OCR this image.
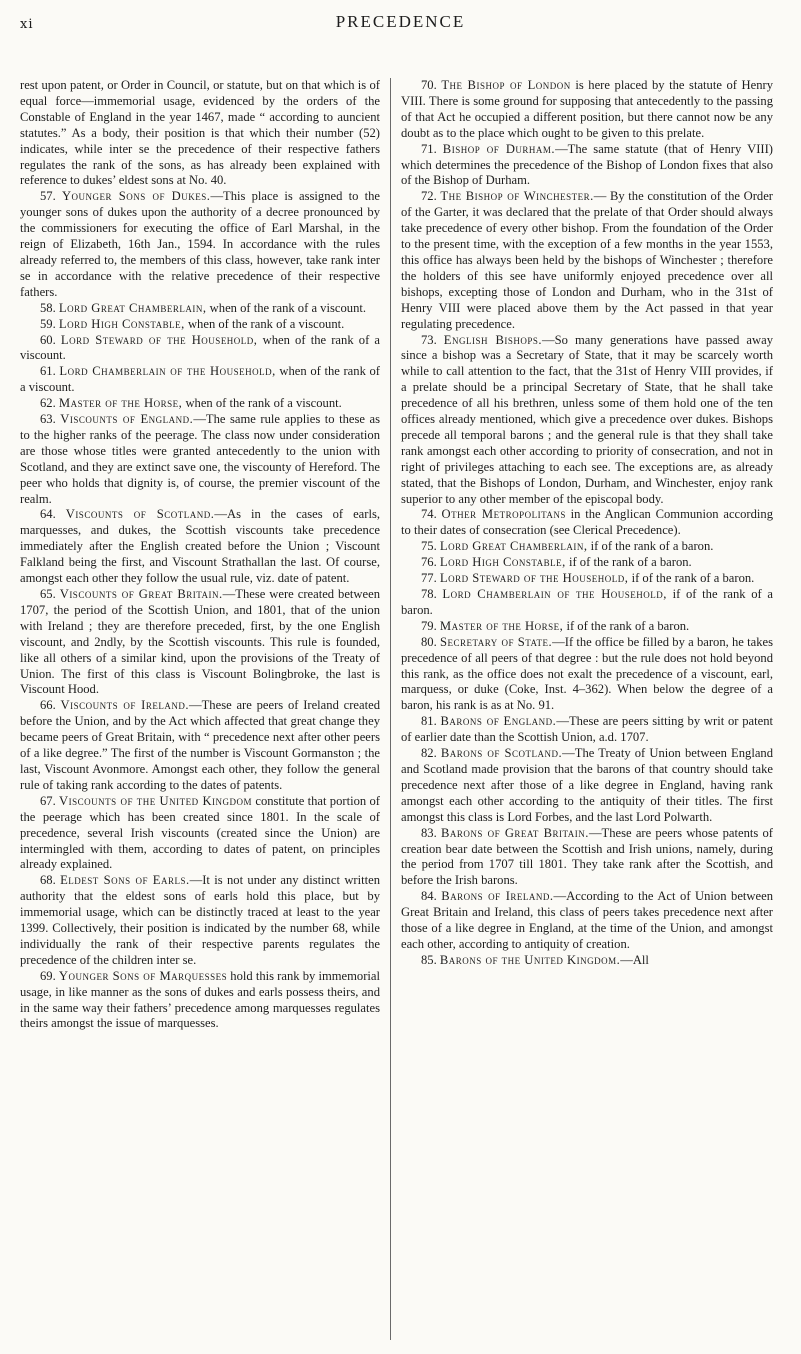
xi	PRECEDENCE

rest upon patent, or Order in Council, or statute, but on that which is of equal force—immemorial usage, evidenced by the orders of the Constable of England in the year 1467, made “ according to auncient statutes.” As a body, their position is that which their number (52) indicates, while inter se the precedence of their respective fathers regulates the rank of the sons, as has already been explained with reference to dukes’ eldest sons at No. 40.

57. Younger Sons of Dukes.—This place is assigned to the younger sons of dukes upon the authority of a decree pronounced by the commissioners for executing the office of Earl Marshal, in the reign of Elizabeth, 16th Jan., 1594. In accordance with the rules already referred to, the members of this class, however, take rank inter se in accordance with the relative precedence of their respective fathers.

58. Lord Great Chamberlain, when of the rank of a viscount.

59. Lord High Constable, when of the rank of a viscount.

60. Lord Steward of the Household, when of the rank of a viscount.

61. Lord Chamberlain of the Household, when of the rank of a viscount.

62. Master of the Horse, when of the rank of a viscount.

63. Viscounts of England.—The same rule applies to these as to the higher ranks of the peerage. The class now under consideration are those whose titles were granted antecedently to the union with Scotland, and they are extinct save one, the viscounty of Hereford. The peer who holds that dignity is, of course, the premier viscount of the realm.

64. Viscounts of Scotland.—As in the cases of earls, marquesses, and dukes, the Scottish viscounts take precedence immediately after the English created before the Union ; Viscount Falkland being the first, and Viscount Strathallan the last. Of course, amongst each other they follow the usual rule, viz. date of patent.

65. Viscounts of Great Britain.—These were created between 1707, the period of the Scottish Union, and 1801, that of the union with Ireland ; they are therefore preceded, first, by the one English viscount, and 2ndly, by the Scottish viscounts. This rule is founded, like all others of a similar kind, upon the provisions of the Treaty of Union. The first of this class is Viscount Bolingbroke, the last is Viscount Hood.

66. Viscounts of Ireland.—These are peers of Ireland created before the Union, and by the Act which affected that great change they became peers of Great Britain, with “ precedence next after other peers of a like degree.” The first of the number is Viscount Gormanston ; the last, Viscount Avonmore. Amongst each other, they follow the general rule of taking rank according to the dates of patents.

67. Viscounts of the United Kingdom constitute that portion of the peerage which has been created since 1801. In the scale of precedence, several Irish viscounts (created since the Union) are intermingled with them, according to dates of patent, on principles already explained.

68. Eldest Sons of Earls.—It is not under any distinct written authority that the eldest sons of earls hold this place, but by immemorial usage, which can be distinctly traced at least to the year 1399. Collectively, their position is indicated by the number 68, while individually the rank of their respective parents regulates the precedence of the children inter se.

69. Younger Sons of Marquesses hold this rank by immemorial usage, in like manner as the sons of dukes and earls possess theirs, and in the same way their fathers’ precedence among marquesses regulates theirs amongst the issue of marquesses.

70. The Bishop of London is here placed by the statute of Henry VIII. There is some ground for supposing that antecedently to the passing of that Act he occupied a different position, but there cannot now be any doubt as to the place which ought to be given to this prelate.

71. Bishop of Durham.—The same statute (that of Henry VIII) which determines the precedence of the Bishop of London fixes that also of the Bishop of Durham.

72. The Bishop of Winchester.— By the constitution of the Order of the Garter, it was declared that the prelate of that Order should always take precedence of every other bishop. From the foundation of the Order to the present time, with the exception of a few months in the year 1553, this office has always been held by the bishops of Winchester ; therefore the holders of this see have uniformly enjoyed precedence over all bishops, excepting those of London and Durham, who in the 31st of Henry VIII were placed above them by the Act passed in that year regulating precedence.

73. English Bishops.—So many generations have passed away since a bishop was a Secretary of State, that it may be scarcely worth while to call attention to the fact, that the 31st of Henry VIII provides, if a prelate should be a principal Secretary of State, that he shall take precedence of all his brethren, unless some of them hold one of the ten offices already mentioned, which give a precedence over dukes. Bishops precede all temporal barons ; and the general rule is that they shall take rank amongst each other according to priority of consecration, and not in right of privileges attaching to each see. The exceptions are, as already stated, that the Bishops of London, Durham, and Winchester, enjoy rank superior to any other member of the episcopal body.

74. Other Metropolitans in the Anglican Communion according to their dates of consecration (see Clerical Precedence).

75. Lord Great Chamberlain, if of the rank of a baron.

76. Lord High Constable, if of the rank of a baron.

77. Lord Steward of the Household, if of the rank of a baron.

78. Lord Chamberlain of the Household, if of the rank of a baron.

79. Master of the Horse, if of the rank of a baron.

80. Secretary of State.—If the office be filled by a baron, he takes precedence of all peers of that degree : but the rule does not hold beyond this rank, as the office does not exalt the precedence of a viscount, earl, marquess, or duke (Coke, Inst. 4–362). When below the degree of a baron, his rank is as at No. 91.

81. Barons of England.—These are peers sitting by writ or patent of earlier date than the Scottish Union, a.d. 1707.

82. Barons of Scotland.—The Treaty of Union between England and Scotland made provision that the barons of that country should take precedence next after those of a like degree in England, having rank amongst each other according to the antiquity of their titles. The first amongst this class is Lord Forbes, and the last Lord Polwarth.

83. Barons of Great Britain.—These are peers whose patents of creation bear date between the Scottish and Irish unions, namely, during the period from 1707 till 1801. They take rank after the Scottish, and before the Irish barons.

84. Barons of Ireland.—According to the Act of Union between Great Britain and Ireland, this class of peers takes precedence next after those of a like degree in England, at the time of the Union, and amongst each other, according to antiquity of creation.

85. Barons of the United Kingdom.—All
